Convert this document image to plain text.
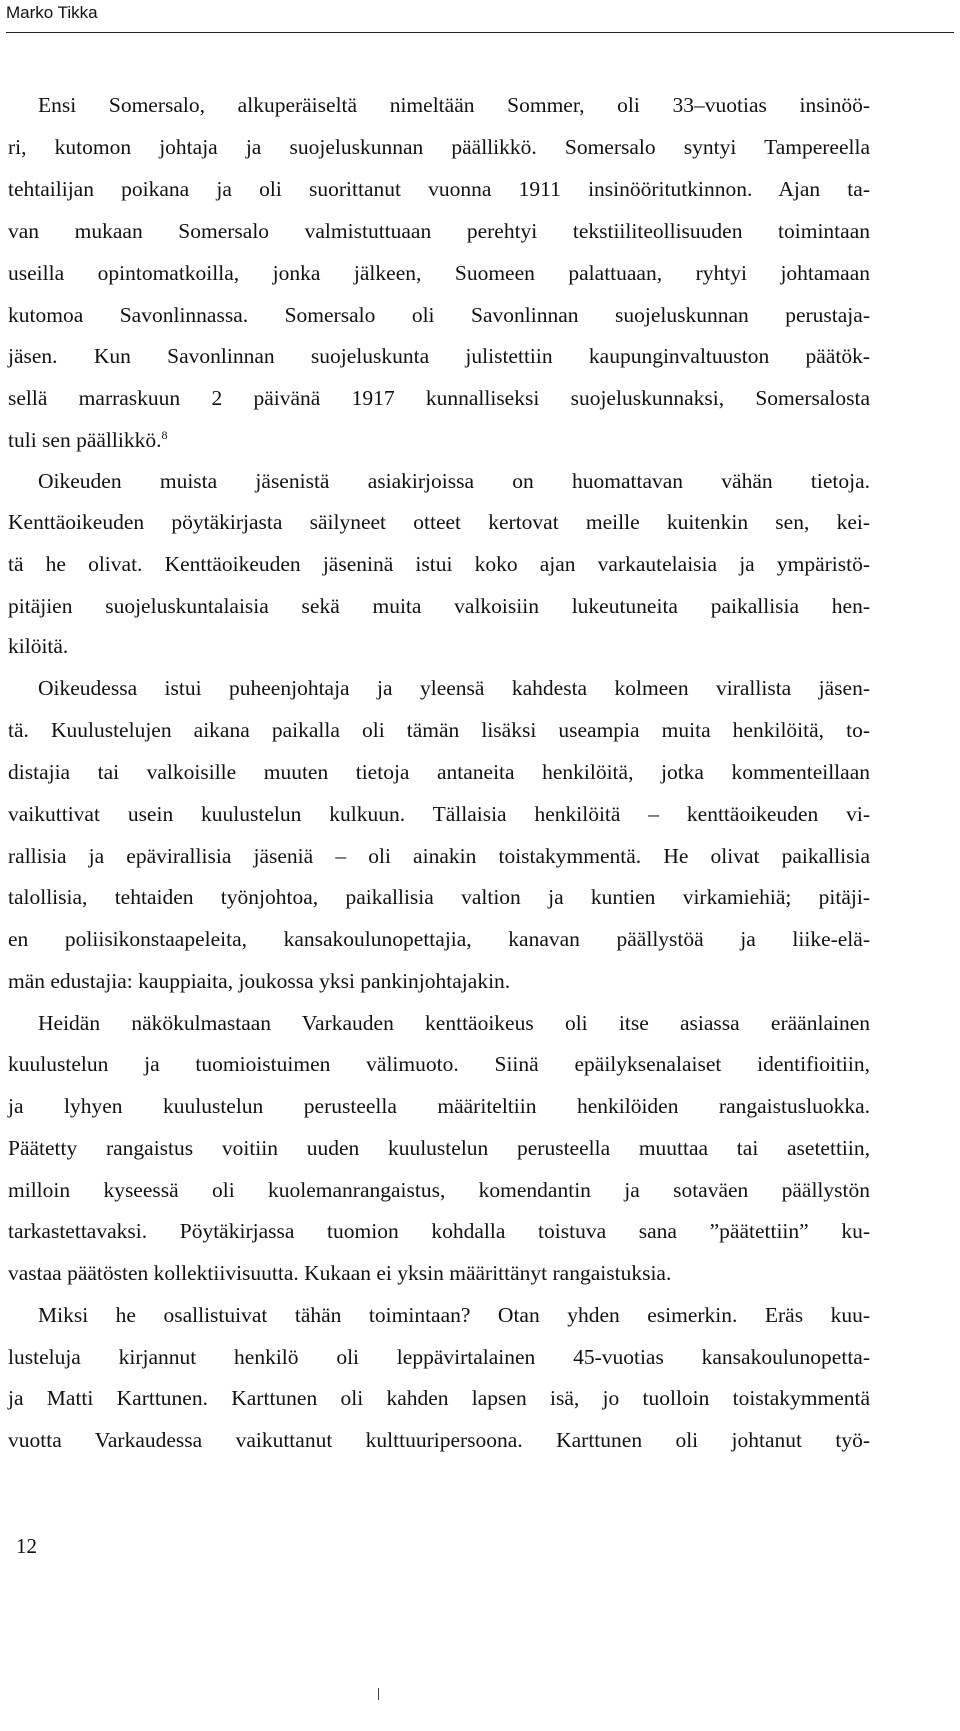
Marko Tikka
Ensi Somersalo, alkuperäiseltä nimeltään Sommer, oli 33–vuotias insinöö-
ri, kutomon johtaja ja suojeluskunnan päällikkö. Somersalo syntyi Tampereella
tehtailijan poikana ja oli suorittanut vuonna 1911 insinööritutkinnon. Ajan ta-
van mukaan Somersalo valmistuttuaan perehtyi tekstiiliteollisuuden toimintaan
useilla opintomatkoilla, jonka jälkeen, Suomeen palattuaan, ryhtyi johtamaan
kutomoa Savonlinnassa. Somersalo oli Savonlinnan suojeluskunnan perustaja-
jäsen. Kun Savonlinnan suojeluskunta julistettiin kaupunginvaltuuston päätök-
sellä marraskuun 2 päivänä 1917 kunnalliseksi suojeluskunnaksi, Somersalosta
tuli sen päällikkö.$^8$
Oikeuden muista jäsenistä asiakirjoissa on huomattavan vähän tietoja.
Kenttäoikeuden pöytäkirjasta säilyneet otteet kertovat meille kuitenkin sen, kei-
tä he olivat. Kenttäoikeuden jäseninä istui koko ajan varkautelaisia ja ympäristö-
pitäjien suojeluskuntalaisia sekä muita valkoisiin lukeutuneita paikallisia hen-
kilöitä.
Oikeudessa istui puheenjohtaja ja yleensä kahdesta kolmeen virallista jäsen-
tä. Kuulustelujen aikana paikalla oli tämän lisäksi useampia muita henkilöitä, to-
distajia tai valkoisille muuten tietoja antaneita henkilöitä, jotka kommenteillaan
vaikuttivat usein kuulustelun kulkuun. Tällaisia henkilöitä – kenttäoikeuden vi-
rallisia ja epävirallisia jäseniä – oli ainakin toistakymmentä. He olivat paikallisia
talollisia, tehtaiden työnjohtoa, paikallisia valtion ja kuntien virkamiehiä; pitäji-
en poliisikonstaapeleita, kansakoulunopettajia, kanavan päällystöä ja liike-elä-
män edustajia: kauppiaita, joukossa yksi pankinjohtajakin.
Heidän näkökulmastaan Varkauden kenttäoikeus oli itse asiassa eräänlainen
kuulustelun ja tuomioistuimen välimuoto. Siinä epäilyksenalaiset identifioitiin,
ja lyhyen kuulustelun perusteella määriteltiin henkilöiden rangaistusluokka.
Päätetty rangaistus voitiin uuden kuulustelun perusteella muuttaa tai asetettiin,
milloin kyseessä oli kuolemanrangaistus, komendantin ja sotaväen päällystön
tarkastettavaksi. Pöytäkirjassa tuomion kohdalla toistuva sana ”päätettiin” ku-
vastaa päätösten kollektiivisuutta. Kukaan ei yksin määrittänyt rangaistuksia.
Miksi he osallistuivat tähän toimintaan? Otan yhden esimerkin. Eräs kuu-
lusteluja kirjannut henkilö oli leppävirtalainen 45-vuotias kansakoulunopetta-
ja Matti Karttunen. Karttunen oli kahden lapsen isä, jo tuolloin toistakymmentä
vuotta Varkaudessa vaikuttanut kulttuuripersoona. Karttunen oli johtanut työ-
12
